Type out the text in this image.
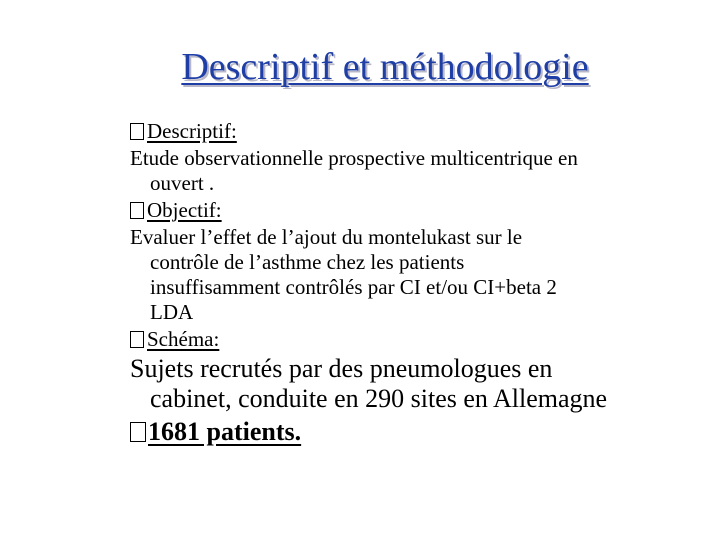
Descriptif et méthodologie
Descriptif:
Etude observationnelle prospective multicentrique en
ouvert .
Objectif:
Evaluer l’effet de l’ajout du montelukast sur le
contrôle de l’asthme chez les patients
insuffisamment contrôlés par CI et/ou CI+beta 2
LDA
Schéma:
Sujets recrutés par des pneumologues en
cabinet, conduite en 290 sites en Allemagne
1681 patients.
